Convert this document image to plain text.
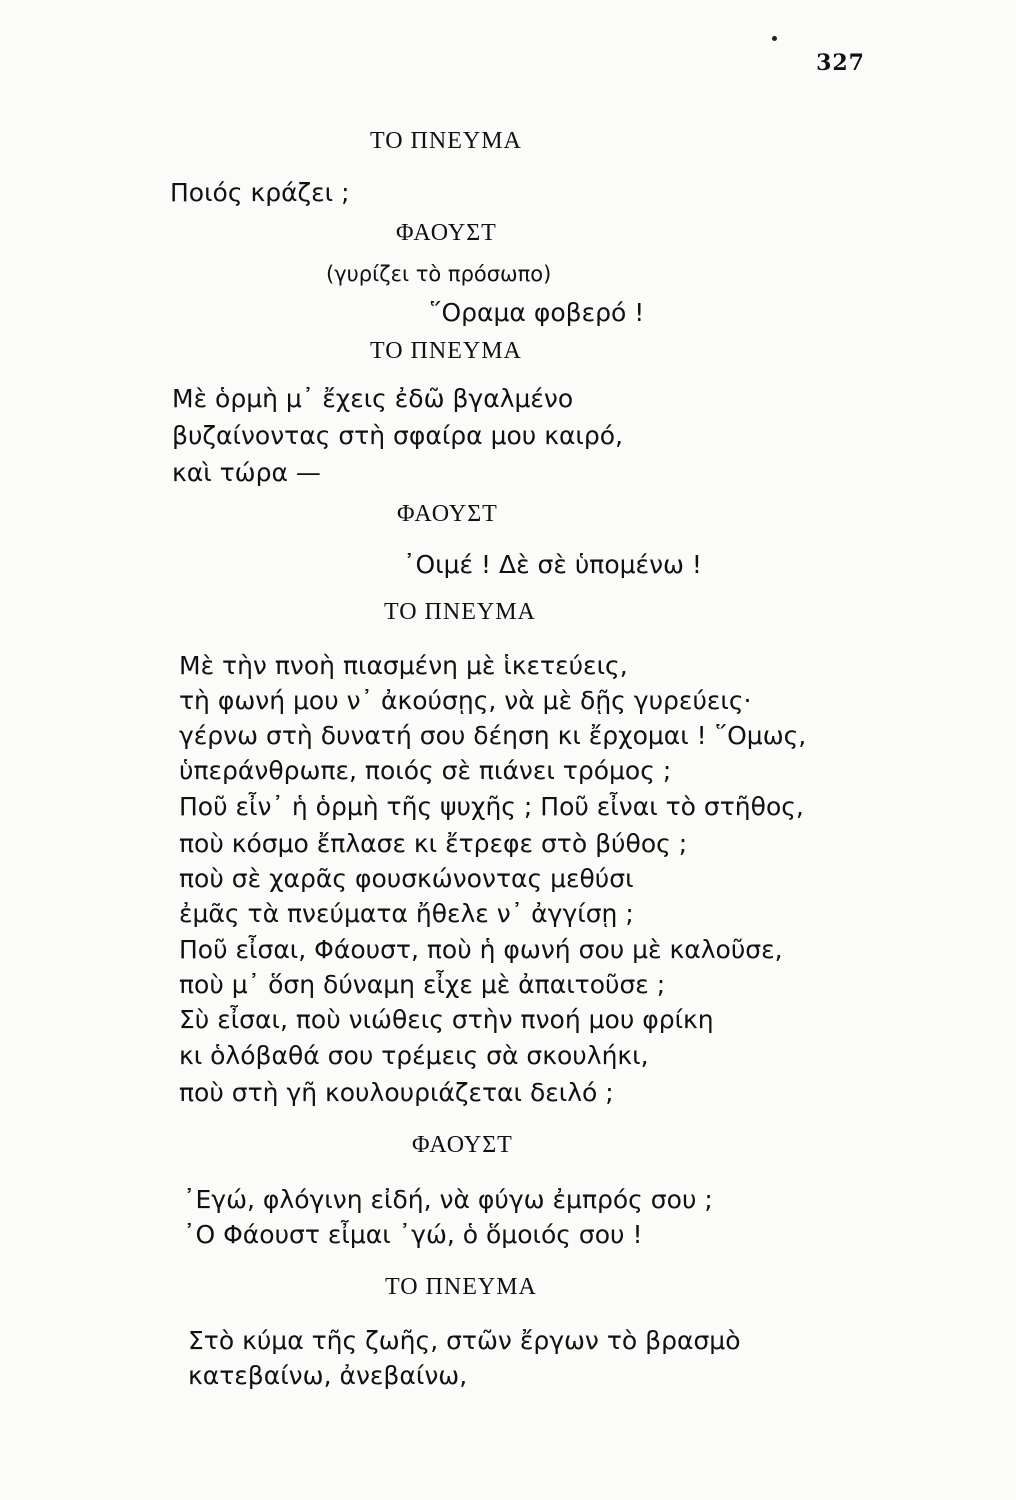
327
ΤΟ ΠΝΕΥΜΑ
Ποιός κράζει ;
ΦΑΟΥΣΤ
(γυρίζει τὸ πρόσωπο)
῞Οραμα φοβερό !
ΤΟ ΠΝΕΥΜΑ
Μὲ ὁρμὴ μ᾽ ἔχεις ἐδῶ βγαλμένο
βυζαίνοντας στὴ σφαίρα μου καιρό,
καὶ τώρα —
ΦΑΟΥΣΤ
᾽Οιμέ ! Δὲ σὲ ὑπομένω !
ΤΟ ΠΝΕΥΜΑ
Μὲ τὴν πνοὴ πιασμένη μὲ ἱκετεύεις,
τὴ φωνή μου ν᾽ ἀκούσῃς, νὰ μὲ δῇς γυρεύεις·
γέρνω στὴ δυνατή σου δέηση κι ἔρχομαι ! ῞Ομως,
ὑπεράνθρωπε, ποιός σὲ πιάνει τρόμος ;
Ποῦ εἶν᾽ ἡ ὁρμὴ τῆς ψυχῆς ; Ποῦ εἶναι τὸ στῆθος,
ποὺ κόσμο ἔπλασε κι ἔτρεφε στὸ βύθος ;
ποὺ σὲ χαρᾶς φουσκώνοντας μεθύσι
ἐμᾶς τὰ πνεύματα ἤθελε ν᾽ ἀγγίσῃ ;
Ποῦ εἶσαι, Φάουστ, ποὺ ἡ φωνή σου μὲ καλοῦσε,
ποὺ μ᾽ ὅση δύναμη εἶχε μὲ ἀπαιτοῦσε ;
Σὺ εἶσαι, ποὺ νιώθεις στὴν πνοή μου φρίκη
κι ὁλόβαθά σου τρέμεις σὰ σκουλήκι,
ποὺ στὴ γῆ κουλουριάζεται δειλό ;
ΦΑΟΥΣΤ
᾽Εγώ, φλόγινη εἰδή, νὰ φύγω ἐμπρός σου ;
᾽Ο Φάουστ εἶμαι ᾽γώ, ὁ ὅμοιός σου !
ΤΟ ΠΝΕΥΜΑ
Στὸ κύμα τῆς ζωῆς, στῶν ἔργων τὸ βρασμὸ
κατεβαίνω, ἀνεβαίνω,
